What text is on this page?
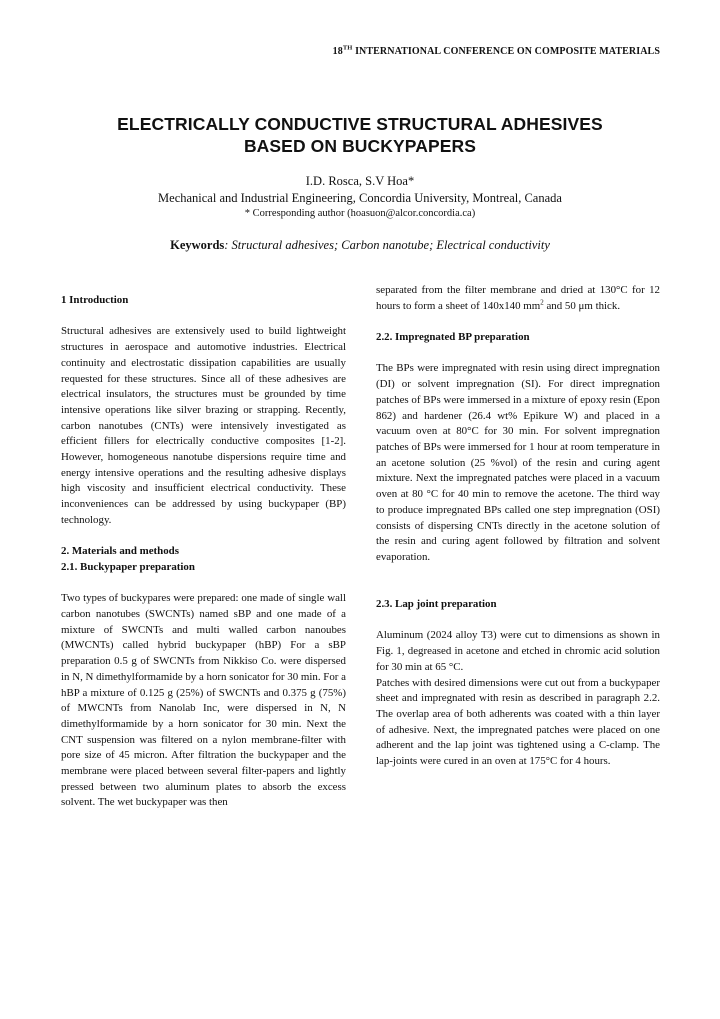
18TH INTERNATIONAL CONFERENCE ON COMPOSITE MATERIALS
ELECTRICALLY CONDUCTIVE STRUCTURAL ADHESIVES
BASED ON BUCKYPAPERS
I.D. Rosca, S.V Hoa*
Mechanical and Industrial Engineering, Concordia University, Montreal, Canada
* Corresponding author (hoasuon@alcor.concordia.ca)
Keywords: Structural adhesives; Carbon nanotube; Electrical conductivity

1 Introduction

Structural adhesives are extensively used to build lightweight structures in aerospace and automotive industries. Electrical continuity and electrostatic dissipation capabilities are usually requested for these structures. Since all of these adhesives are electrical insulators, the structures must be grounded by time intensive operations like silver brazing or strapping. Recently, carbon nanotubes (CNTs) were intensively investigated as efficient fillers for electrically conductive composites [1-2]. However, homogeneous nanotube dispersions require time and energy intensive operations and the resulting adhesive displays high viscosity and insufficient electrical conductivity. These inconveniences can be addressed by using buckypaper (BP) technology.

2. Materials and methods

2.1. Buckypaper preparation

Two types of buckypares were prepared: one made of single wall carbon nanotubes (SWCNTs) named sBP and one made of a mixture of SWCNTs and multi walled carbon nanoubes (MWCNTs) called hybrid buckypaper (hBP) For a sBP preparation 0.5 g of SWCNTs from Nikkiso Co. were dispersed in N, N dimethylformamide by a horn sonicator for 30 min. For a hBP a mixture of 0.125 g (25%) of SWCNTs and 0.375 g (75%) of MWCNTs from Nanolab Inc, were dispersed in N, N dimethylformamide by a horn sonicator for 30 min. Next the CNT suspension was filtered on a nylon membrane-filter with pore size of 45 micron. After filtration the buckypaper and the membrane were placed between several filter-papers and lightly pressed between two aluminum plates to absorb the excess solvent. The wet buckypaper was then

separated from the filter membrane and dried at 130°C for 12 hours to form a sheet of 140x140 $mm^2$ and 50 μm thick.

2.2. Impregnated BP preparation

The BPs were impregnated with resin using direct impregnation (DI) or solvent impregnation (SI). For direct impregnation patches of BPs were immersed in a mixture of epoxy resin (Epon 862) and hardener (26.4 wt% Epikure W) and placed in a vacuum oven at 80°C for 30 min. For solvent impregnation patches of BPs were immersed for 1 hour at room temperature in an acetone solution (25 %vol) of the resin and curing agent mixture. Next the impregnated patches were placed in a vacuum oven at 80 °C for 40 min to remove the acetone. The third way to produce impregnated BPs called one step impregnation (OSI) consists of dispersing CNTs directly in the acetone solution of the resin and curing agent followed by filtration and solvent evaporation.

2.3. Lap joint preparation

Aluminum (2024 alloy T3) were cut to dimensions as shown in Fig. 1, degreased in acetone and etched in chromic acid solution for 30 min at 65 °C.

Patches with desired dimensions were cut out from a buckypaper sheet and impregnated with resin as described in paragraph 2.2. The overlap area of both adherents was coated with a thin layer of adhesive. Next, the impregnated patches were placed on one adherent and the lap joint was tightened using a C-clamp. The lap-joints were cured in an oven at 175°C for 4 hours.
